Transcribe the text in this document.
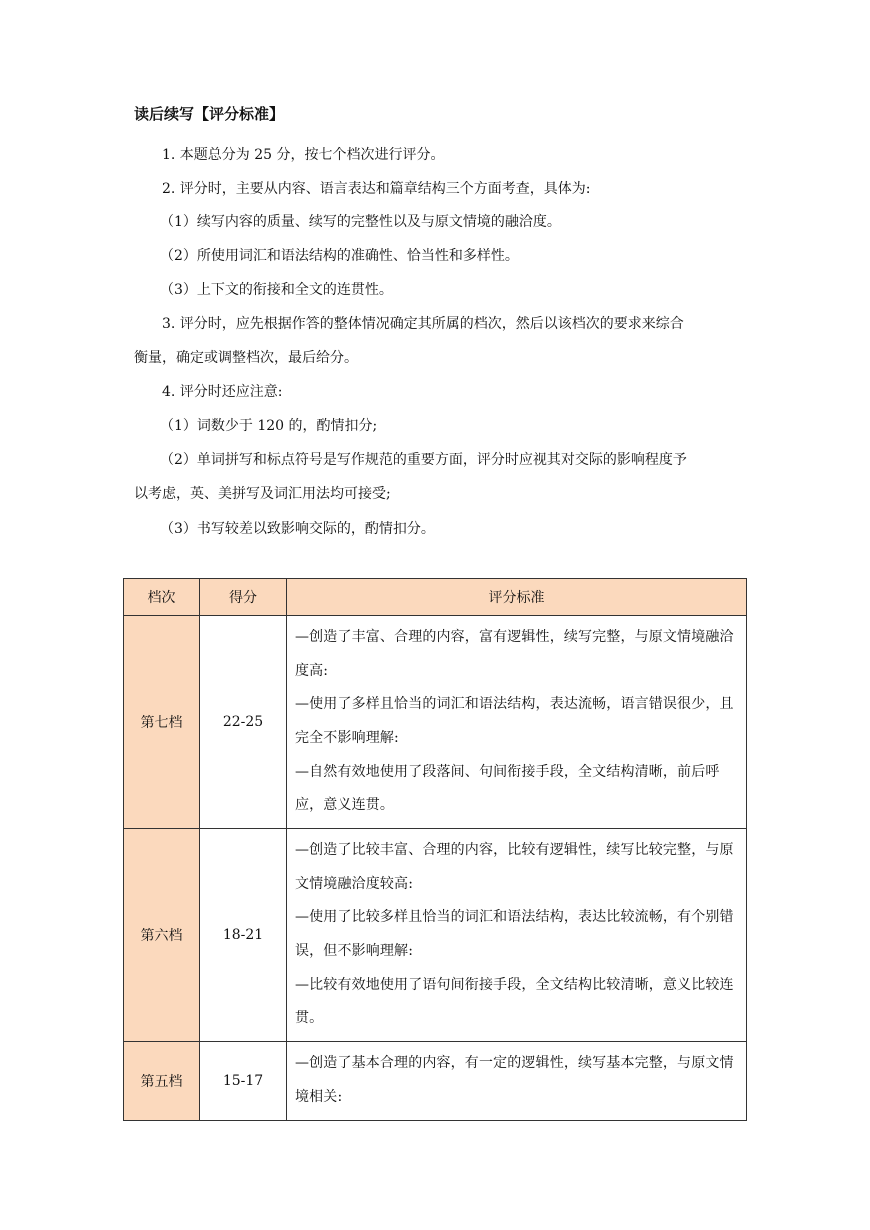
读后续写【评分标准】
1. 本题总分为 25 分，按七个档次进行评分。
2. 评分时，主要从内容、语言表达和篇章结构三个方面考查，具体为:
（1）续写内容的质量、续写的完整性以及与原文情境的融洽度。
（2）所使用词汇和语法结构的准确性、恰当性和多样性。
（3）上下文的衔接和全文的连贯性。
3. 评分时，应先根据作答的整体情况确定其所属的档次，然后以该档次的要求来综合
衡量，确定或调整档次，最后给分。
4. 评分时还应注意:
（1）词数少于 120 的，酌情扣分;
（2）单词拼写和标点符号是写作规范的重要方面，评分时应视其对交际的影响程度予
以考虑，英、美拼写及词汇用法均可接受;
（3）书写较差以致影响交际的，酌情扣分。
档次	得分	评分标准
第七档	22-25	—创造了丰富、合理的内容，富有逻辑性，续写完整，与原文情境融洽度高:
—使用了多样且恰当的词汇和语法结构，表达流畅，语言错误很少，且完全不影响理解:
—自然有效地使用了段落间、句间衔接手段，全文结构清晰，前后呼应，意义连贯。

第六档	18-21	—创造了比较丰富、合理的内容，比较有逻辑性，续写比较完整，与原文情境融洽度较高:
—使用了比较多样且恰当的词汇和语法结构，表达比较流畅，有个别错误，但不影响理解:
—比较有效地使用了语句间衔接手段，全文结构比较清晰，意义比较连贯。

第五档	15-17	—创造了基本合理的内容，有一定的逻辑性，续写基本完整，与原文情境相关:
